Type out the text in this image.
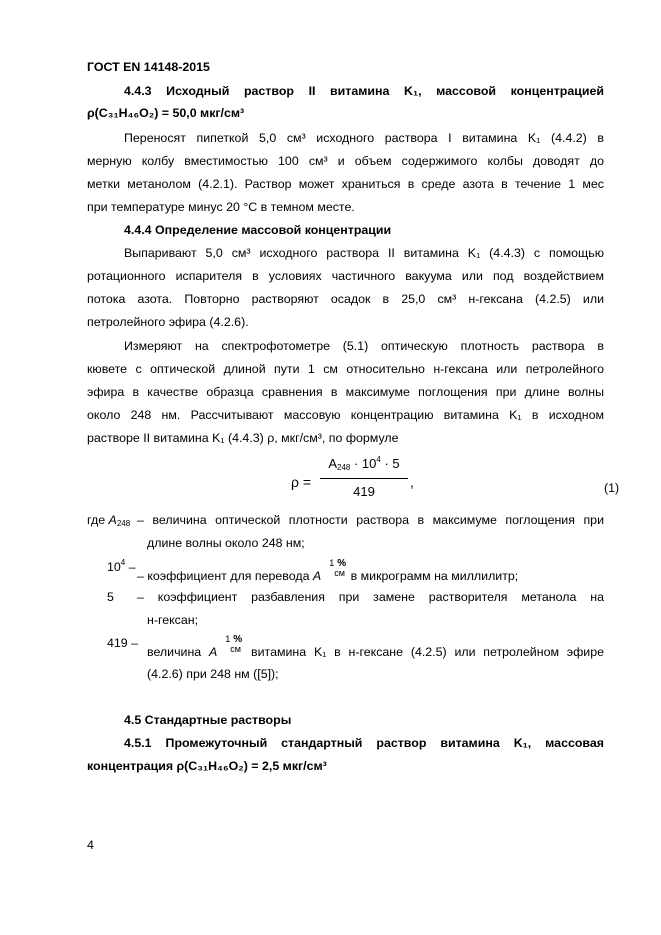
ГОСТ EN 14148-2015
4.4.3 Исходный раствор II витамина K₁, массовой концентрацией
ρ(C₃₁H₄₆O₂) = 50,0 мкг/см³
Переносят пипеткой 5,0 см³ исходного раствора I витамина K₁ (4.4.2) в
мерную колбу вместимостью 100 см³ и объем содержимого колбы доводят до
метки метанолом (4.2.1). Раствор может храниться в среде азота в течение 1 мес
при температуре минус 20 °С в темном месте.
4.4.4 Определение массовой концентрации
Выпаривают 5,0 см³ исходного раствора II витамина K₁ (4.4.3) с помощью
ротационного испарителя в условиях частичного вакуума или под воздействием
потока азота. Повторно растворяют осадок в 25,0 см³ н-гексана (4.2.5) или
петролейного эфира (4.2.6).
Измеряют на спектрофотометре (5.1) оптическую плотность раствора в
кювете с оптической длиной пути 1 см относительно н-гексана или петролейного
эфира в качестве образца сравнения в максимуме поглощения при длине волны
около 248 нм. Рассчитывают массовую концентрацию витамина K₁ в исходном
растворе II витамина K₁ (4.4.3) ρ, мкг/см³, по формуле
ρ =
$A_{248} \cdot 10^4 \cdot 5$
419
,	(1)
где $A_{248}$ – величина оптической плотности раствора в максимуме поглощения при
длине волны около 248 нм;
$10^4$ –
– коэффициент для перевода A
1 %
см в микрограмм на миллилитр;
5 – коэффициент разбавления при замене растворителя метанола на
н-гексан;
419 –
величина A
1 %
см витамина K₁ в н-гексане (4.2.5) или петролейном эфире
(4.2.6) при 248 нм ([5]);
4.5 Стандартные растворы
4.5.1 Промежуточный стандартный раствор витамина K₁, массовая
концентрация ρ(C₃₁H₄₆O₂) = 2,5 мкг/см³
4
